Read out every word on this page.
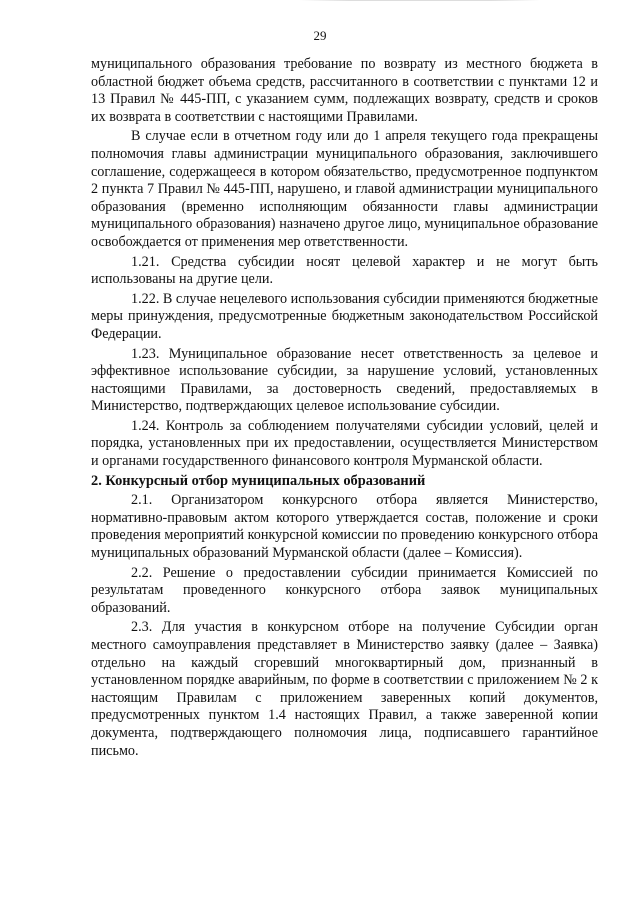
29

муниципального образования требование по возврату из местного бюджета в областной бюджет объема средств, рассчитанного в соответствии с пунктами 12 и 13 Правил № 445-ПП, с указанием сумм, подлежащих возврату, средств и сроков их возврата в соответствии с настоящими Правилами.

В случае если в отчетном году или до 1 апреля текущего года прекращены полномочия главы администрации муниципального образования, заключившего соглашение, содержащееся в котором обязательство, предусмотренное подпунктом 2 пункта 7 Правил № 445-ПП, нарушено, и главой администрации муниципального образования (временно исполняющим обязанности главы администрации муниципального образования) назначено другое лицо, муниципальное образование освобождается от применения мер ответственности.

1.21. Средства субсидии носят целевой характер и не могут быть использованы на другие цели.

1.22. В случае нецелевого использования субсидии применяются бюджетные меры принуждения, предусмотренные бюджетным законодательством Российской Федерации.

1.23. Муниципальное образование несет ответственность за целевое и эффективное использование субсидии, за нарушение условий, установленных настоящими Правилами, за достоверность сведений, предоставляемых в Министерство, подтверждающих целевое использование субсидии.

1.24. Контроль за соблюдением получателями субсидии условий, целей и порядка, установленных при их предоставлении, осуществляется Министерством и органами государственного финансового контроля Мурманской области.

2. Конкурсный отбор муниципальных образований

2.1. Организатором конкурсного отбора является Министерство, нормативно-правовым актом которого утверждается состав, положение и сроки проведения мероприятий конкурсной комиссии по проведению конкурсного отбора муниципальных образований Мурманской области (далее – Комиссия).

2.2. Решение о предоставлении субсидии принимается Комиссией по результатам проведенного конкурсного отбора заявок муниципальных образований.

2.3. Для участия в конкурсном отборе на получение Субсидии орган местного самоуправления представляет в Министерство заявку (далее – Заявка) отдельно на каждый сгоревший многоквартирный дом, признанный в установленном порядке аварийным, по форме в соответствии с приложением № 2 к настоящим Правилам с приложением заверенных копий документов, предусмотренных пунктом 1.4 настоящих Правил, а также заверенной копии документа, подтверждающего полномочия лица, подписавшего гарантийное письмо.
